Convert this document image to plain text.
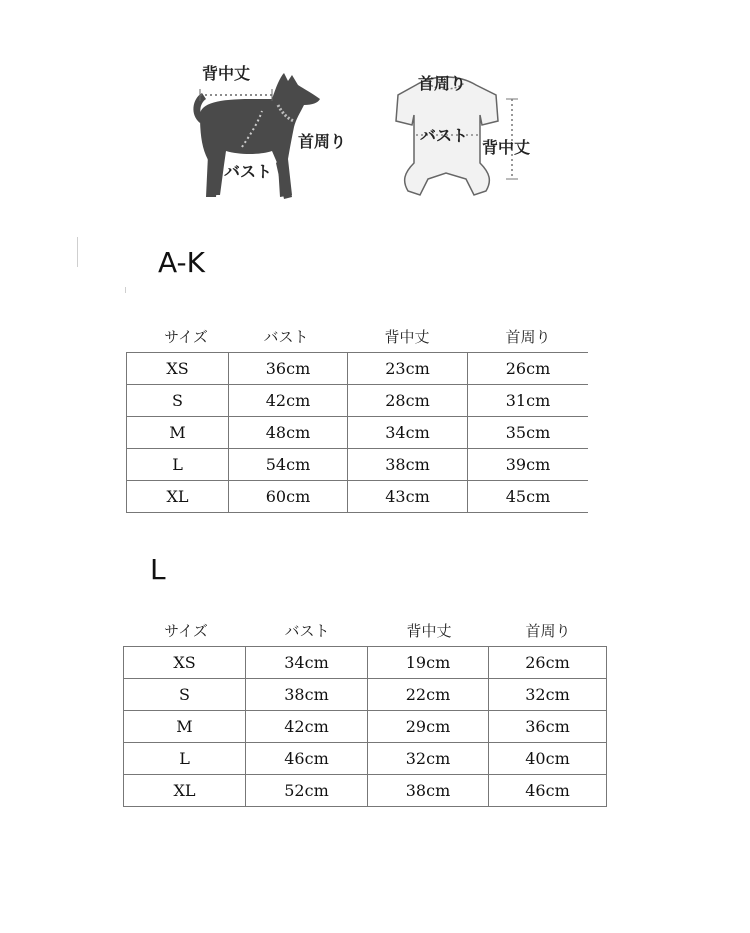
背中丈
首周り
バスト
首周り
バスト
背中丈
A-K
サイズ	バスト	背中丈	首周り
XS	36cm	23cm	26cm
S	42cm	28cm	31cm
M	48cm	34cm	35cm
L	54cm	38cm	39cm
XL	60cm	43cm	45cm
L
サイズ	バスト	背中丈	首周り
XS	34cm	19cm	26cm
S	38cm	22cm	32cm
M	42cm	29cm	36cm
L	46cm	32cm	40cm
XL	52cm	38cm	46cm
